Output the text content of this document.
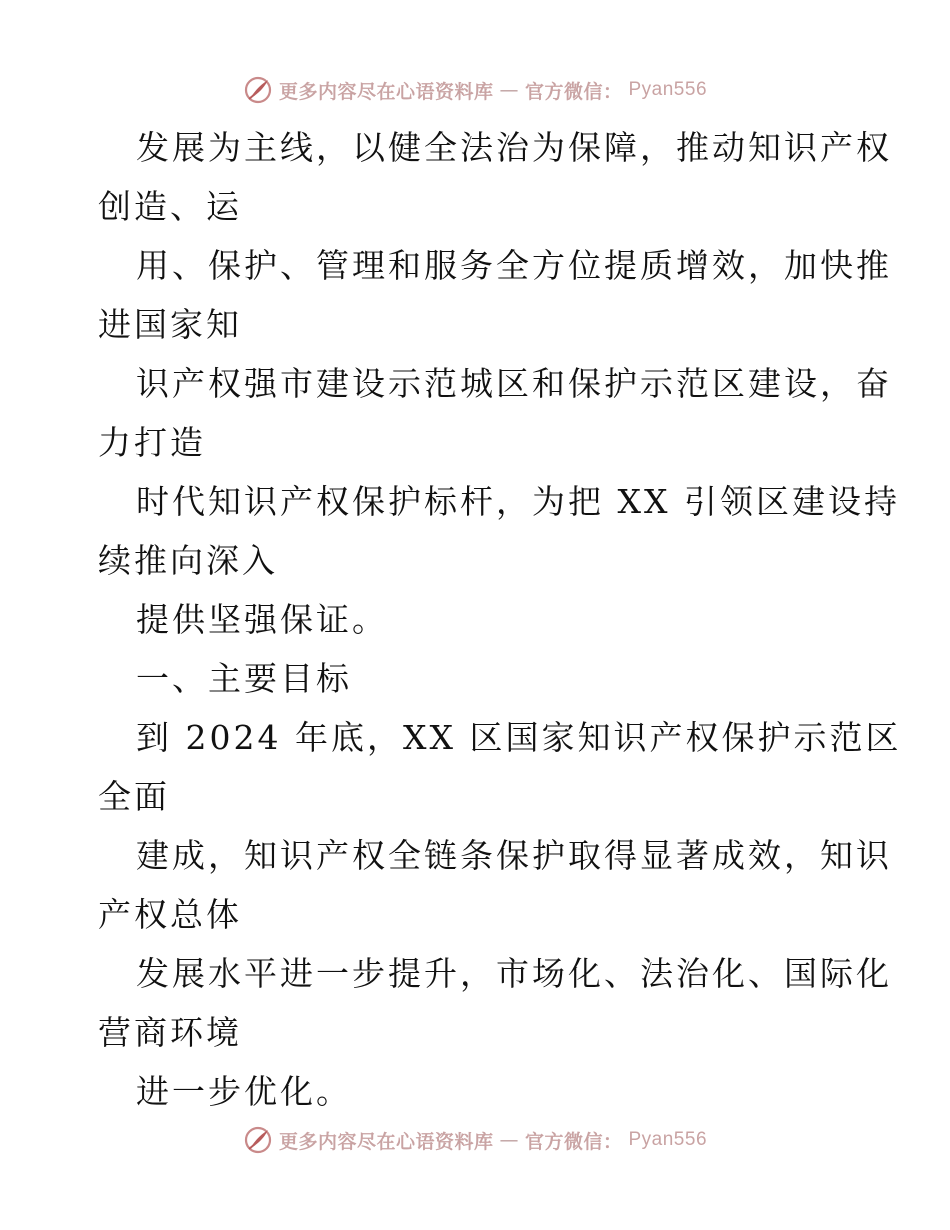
更多内容尽在心语资料库 — 官方微信： Pyan556
发展为主线，以健全法治为保障，推动知识产权
创造、运
用、保护、管理和服务全方位提质增效，加快推
进国家知
识产权强市建设示范城区和保护示范区建设，奋
力打造
时代知识产权保护标杆，为把 XX 引领区建设持
续推向深入
提供坚强保证。
一、主要目标
到 2024 年底，XX 区国家知识产权保护示范区
全面
建成，知识产权全链条保护取得显著成效，知识
产权总体
发展水平进一步提升，市场化、法治化、国际化
营商环境
进一步优化。
更多内容尽在心语资料库 — 官方微信： Pyan556
